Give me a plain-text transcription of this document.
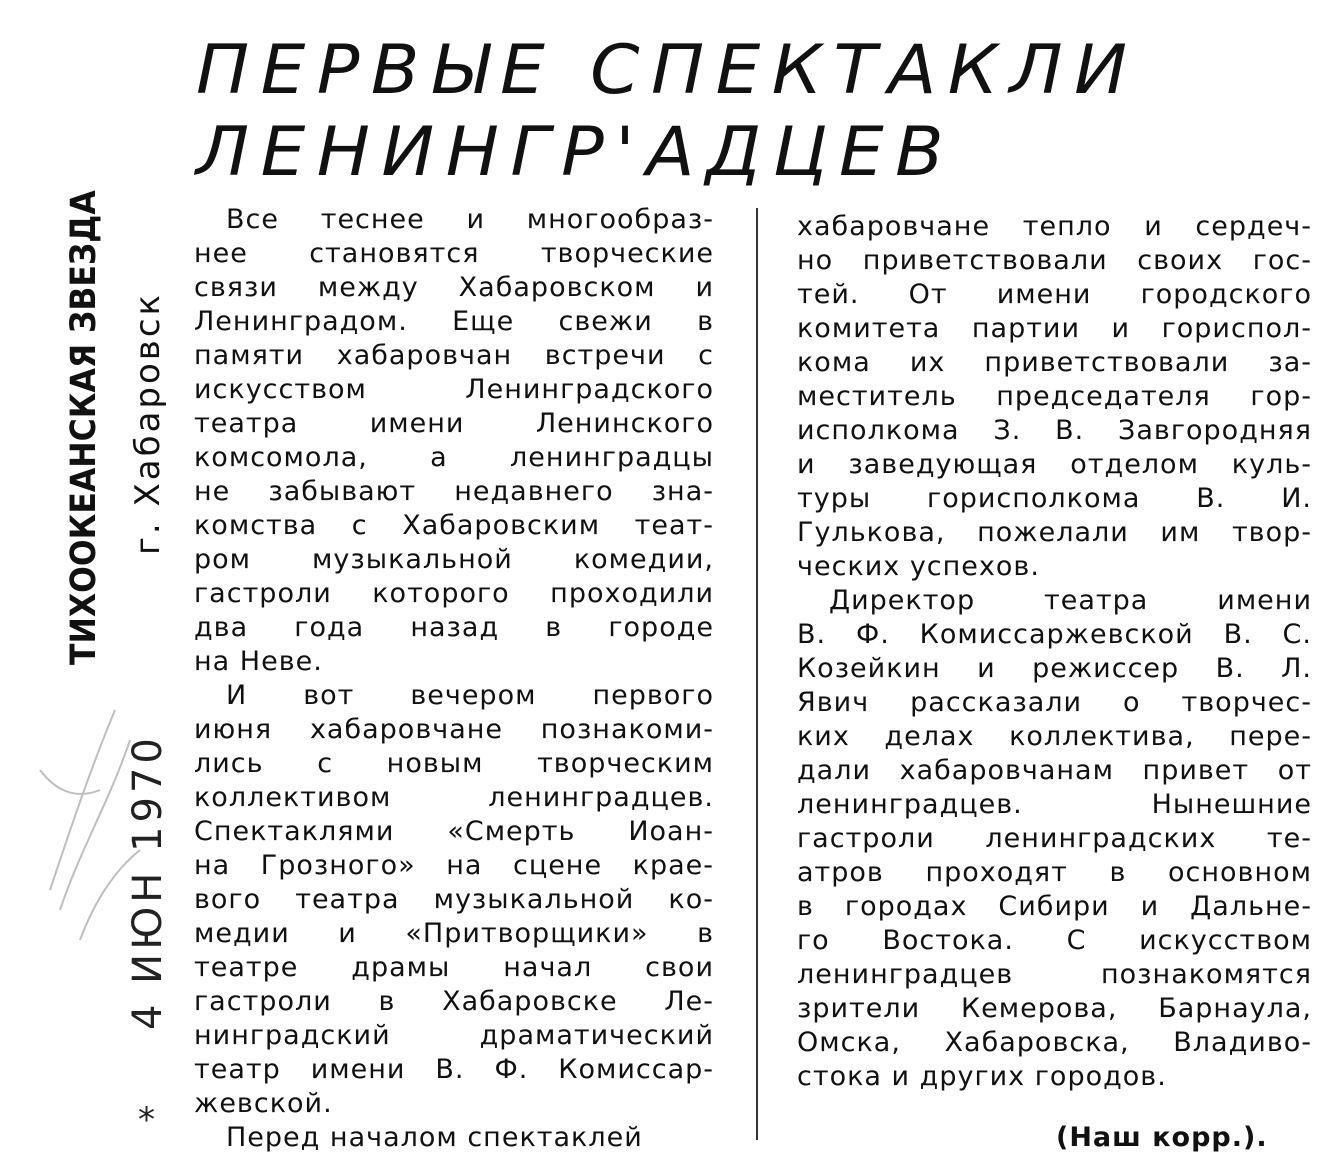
ПЕРВЫЕ СПЕКТАКЛИ
ЛЕНИНГР'АДЦЕВ
ТИХООКЕАНСКАЯ ЗВЕЗДА г. Хабаровск
4 ИЮН 1970
*
Все теснее и многообраз-
нее становятся творческие
связи между Хабаровском и
Ленинградом. Еще свежи в
памяти хабаровчан встречи с
искусством Ленинградского
театра имени Ленинского
комсомола, а ленинградцы
не забывают недавнего зна-
комства с Хабаровским теат-
ром музыкальной комедии,
гастроли которого проходили
два года назад в городе
на Неве.
И вот вечером первого
июня хабаровчане познакоми-
лись с новым творческим
коллективом ленинградцев.
Спектаклями «Смерть Иоан-
на Грозного» на сцене крае-
вого театра музыкальной ко-
медии и «Притворщики» в
театре драмы начал свои
гастроли в Хабаровске Ле-
нинградский драматический
театр имени В. Ф. Комиссар-
жевской.
Перед началом спектаклей
хабаровчане тепло и сердеч-
но приветствовали своих гос-
тей. От имени городского
комитета партии и гориспол-
кома их приветствовали за-
меститель председателя гор-
исполкома З. В. Завгородняя
и заведующая отделом куль-
туры горисполкома В. И.
Гулькова, пожелали им твор-
ческих успехов.
Директор театра имени
В. Ф. Комиссаржевской В. С.
Козейкин и режиссер В. Л.
Явич рассказали о творчес-
ких делах коллектива, пере-
дали хабаровчанам привет от
ленинградцев. Нынешние
гастроли ленинградских те-
атров проходят в основном
в городах Сибири и Дальне-
го Востока. С искусством
ленинградцев познакомятся
зрители Кемерова, Барнаула,
Омска, Хабаровска, Владиво-
стока и других городов.
(Наш корр.).
